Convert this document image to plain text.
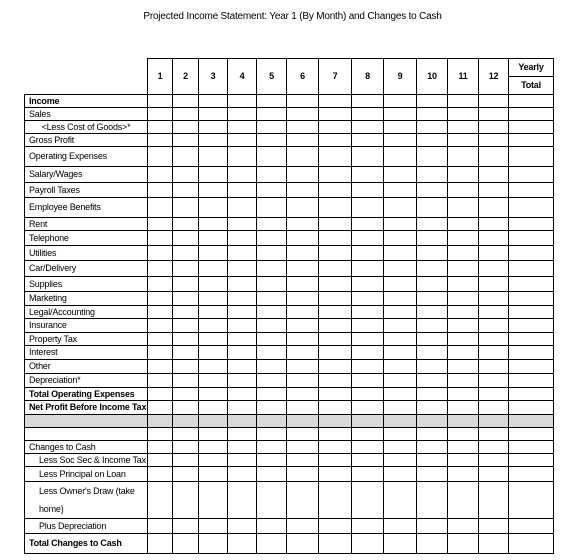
Projected Income Statement: Year 1 (By Month) and Changes to Cash
	1	2	3	4	5	6	7	8	9	10	11	12	Yearly
													Total
Income													
Sales													
<Less Cost of Goods>*													
Gross Profit													
Operating Expenses													
Salary/Wages													
Payroll Taxes													
Employee Benefits													
Rent													
Telephone													
Utilities													
Car/Delivery													
Supplies													
Marketing													
Legal/Accounting													
Insurance													
Property Tax													
Interest													
Other													
Depreciation*													
Total Operating Expenses													
Net Profit Before Income Tax													

Changes to Cash													
Less Soc Sec & Income Tax													
Less Principal on Loan													
Less Owner's Draw (take home)													
Plus Depreciation													
Total Changes to Cash													
